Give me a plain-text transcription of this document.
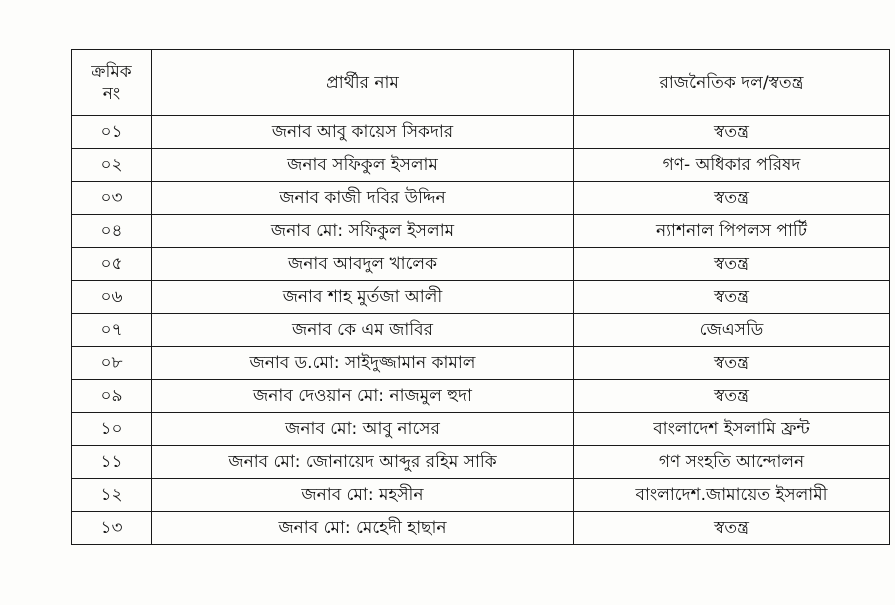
ক্রমিক
নং	প্রার্থীর নাম	রাজনৈতিক দল/স্বতন্ত্র
০১	জনাব আবু কায়েস সিকদার	স্বতন্ত্র
০২	জনাব সফিকুল ইসলাম	গণ- অধিকার পরিষদ
০৩	জনাব কাজী দবির উদ্দিন	স্বতন্ত্র
০৪	জনাব মো: সফিকুল ইসলাম	ন্যাশনাল পিপলস পার্টি
০৫	জনাব আবদুল খালেক	স্বতন্ত্র
০৬	জনাব শাহ মুর্তজা আলী	স্বতন্ত্র
০৭	জনাব কে এম জাবির	জেএসডি
০৮	জনাব ড.মো: সাইদুজ্জামান কামাল	স্বতন্ত্র
০৯	জনাব দেওয়ান মো: নাজমুল হুদা	স্বতন্ত্র
১০	জনাব মো: আবু নাসের	বাংলাদেশ ইসলামি ফ্রন্ট
১১	জনাব মো: জোনায়েদ আব্দুর রহিম সাকি	গণ সংহতি আন্দোলন
১২	জনাব মো: মহসীন	বাংলাদেশ.জামায়েত ইসলামী
১৩	জনাব মো: মেহেদী হাছান	স্বতন্ত্র
